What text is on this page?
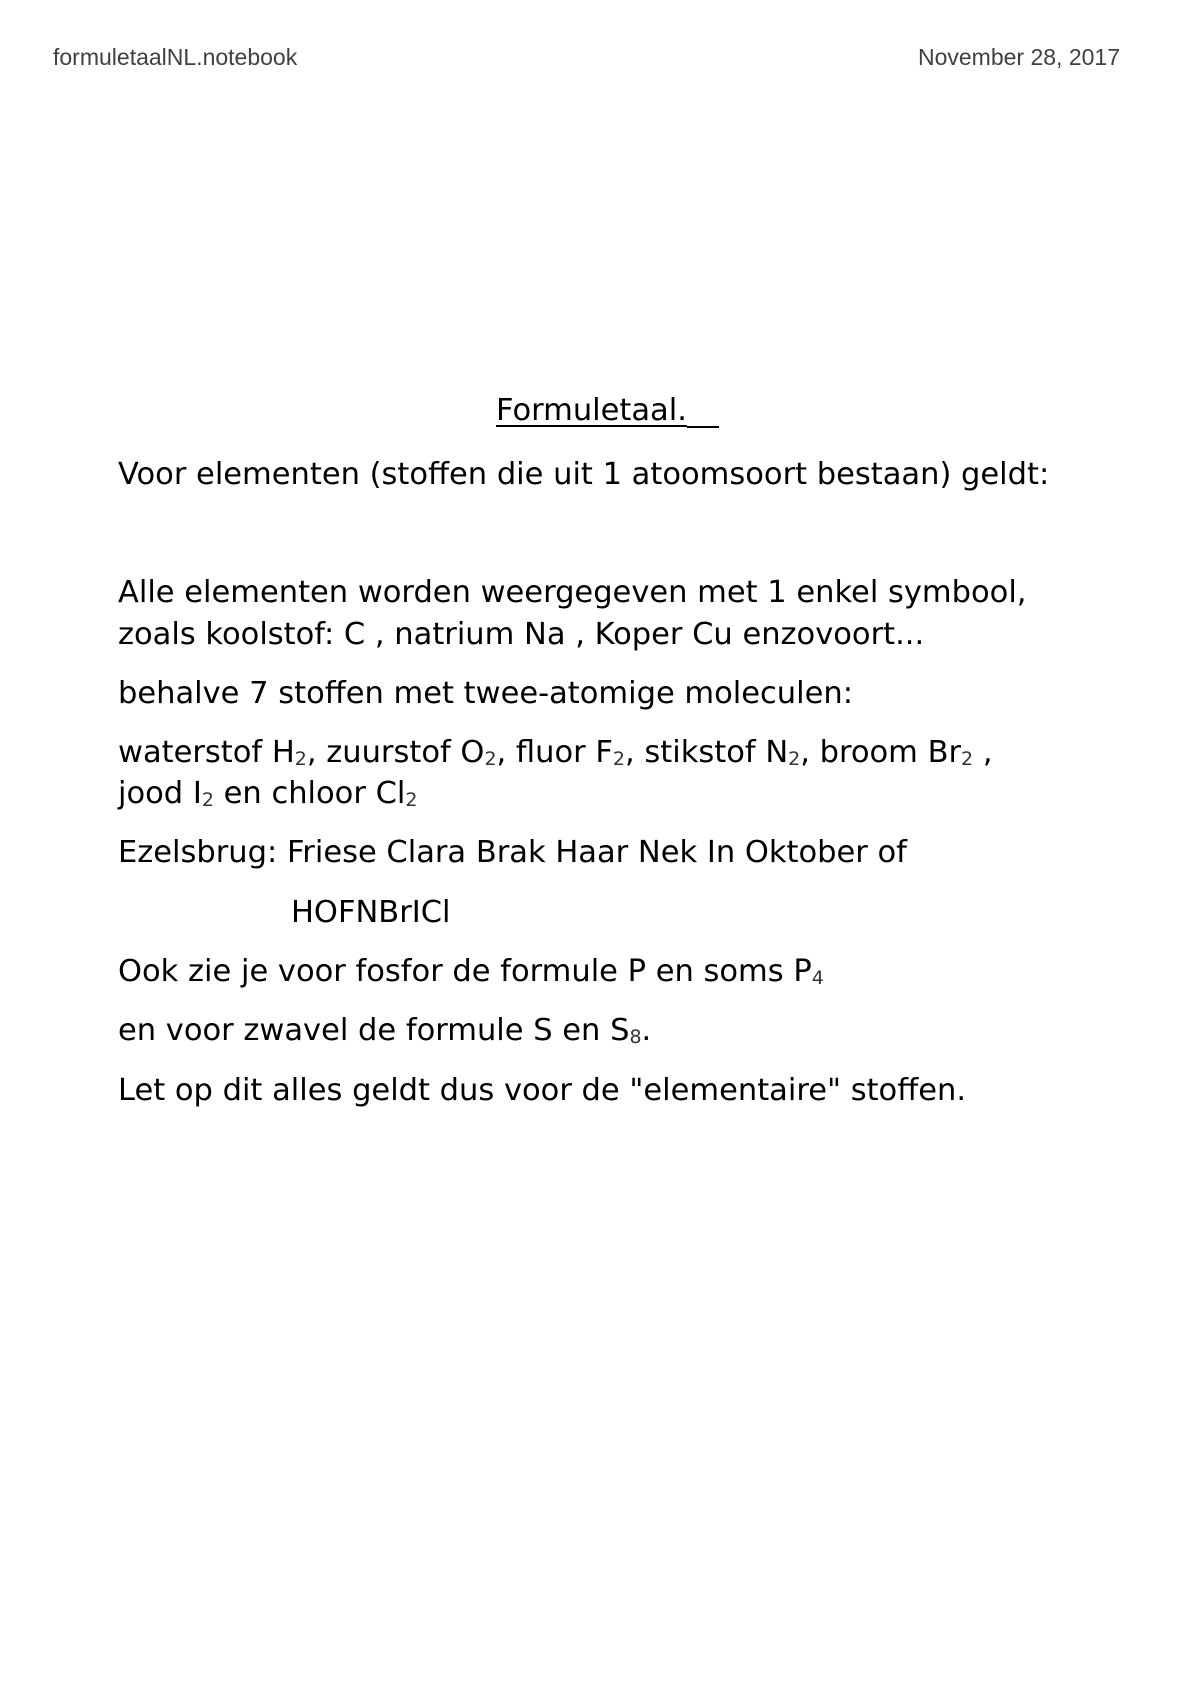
formuletaalNL.notebook	November 28, 2017
Formuletaal.
Voor elementen (stoffen die uit 1 atoomsoort bestaan) geldt:
Alle elementen worden weergegeven met 1 enkel symbool,
zoals koolstof: C , natrium Na , Koper Cu enzovoort...
behalve 7 stoffen met twee-atomige moleculen:
waterstof $H_2$, zuurstof $O_2$, fluor $F_2$, stikstof $N_2$, broom $Br_2$ ,
jood $I_2$ en chloor $Cl_2$
Ezelsbrug: Friese Clara Brak Haar Nek In Oktober of
HOFNBrICl
Ook zie je voor fosfor de formule P en soms $P_4$
en voor zwavel de formule S en $S_8$.
Let op dit alles geldt dus voor de "elementaire" stoffen.
